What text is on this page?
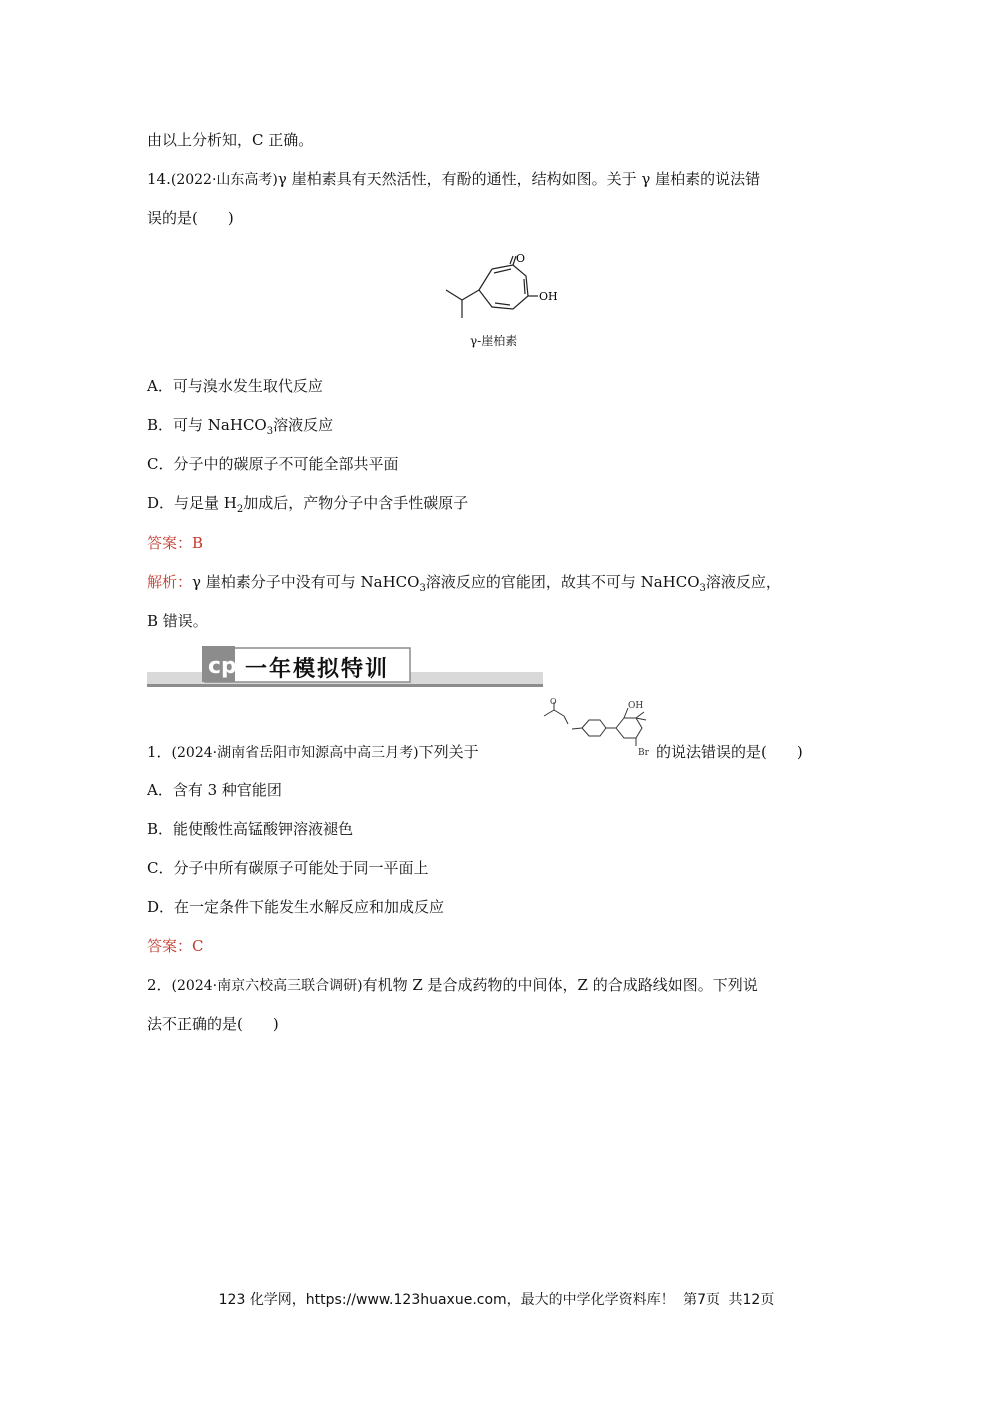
由以上分析知，C 正确。
14.(2022·山东高考)γ 崖柏素具有天然活性，有酚的通性，结构如图。关于 γ 崖柏素的说法错
误的是(　　)
O
OH
γ-崖柏素
A．可与溴水发生取代反应
B．可与 NaHCO$_3$溶液反应
C．分子中的碳原子不可能全部共平面
D．与足量 $H_2$加成后，产物分子中含手性碳原子
答案：B
解析：γ 崖柏素分子中没有可与 NaHCO$_3$溶液反应的官能团，故其不可与 NaHCO$_3$溶液反应，
B 错误。
cp 一年模拟特训
O	OH
Br
1．(2024·湖南省岳阳市知源高中高三月考)下列关于	的说法错误的是(　　)
A．含有 3 种官能团
B．能使酸性高锰酸钾溶液褪色
C．分子中所有碳原子可能处于同一平面上
D．在一定条件下能发生水解反应和加成反应
答案：C
2．(2024·南京六校高三联合调研)有机物 Z 是合成药物的中间体，Z 的合成路线如图。下列说
法不正确的是(　　)
123 化学网，https://www.123huaxue.com，最大的中学化学资料库！ 第7页 共12页
